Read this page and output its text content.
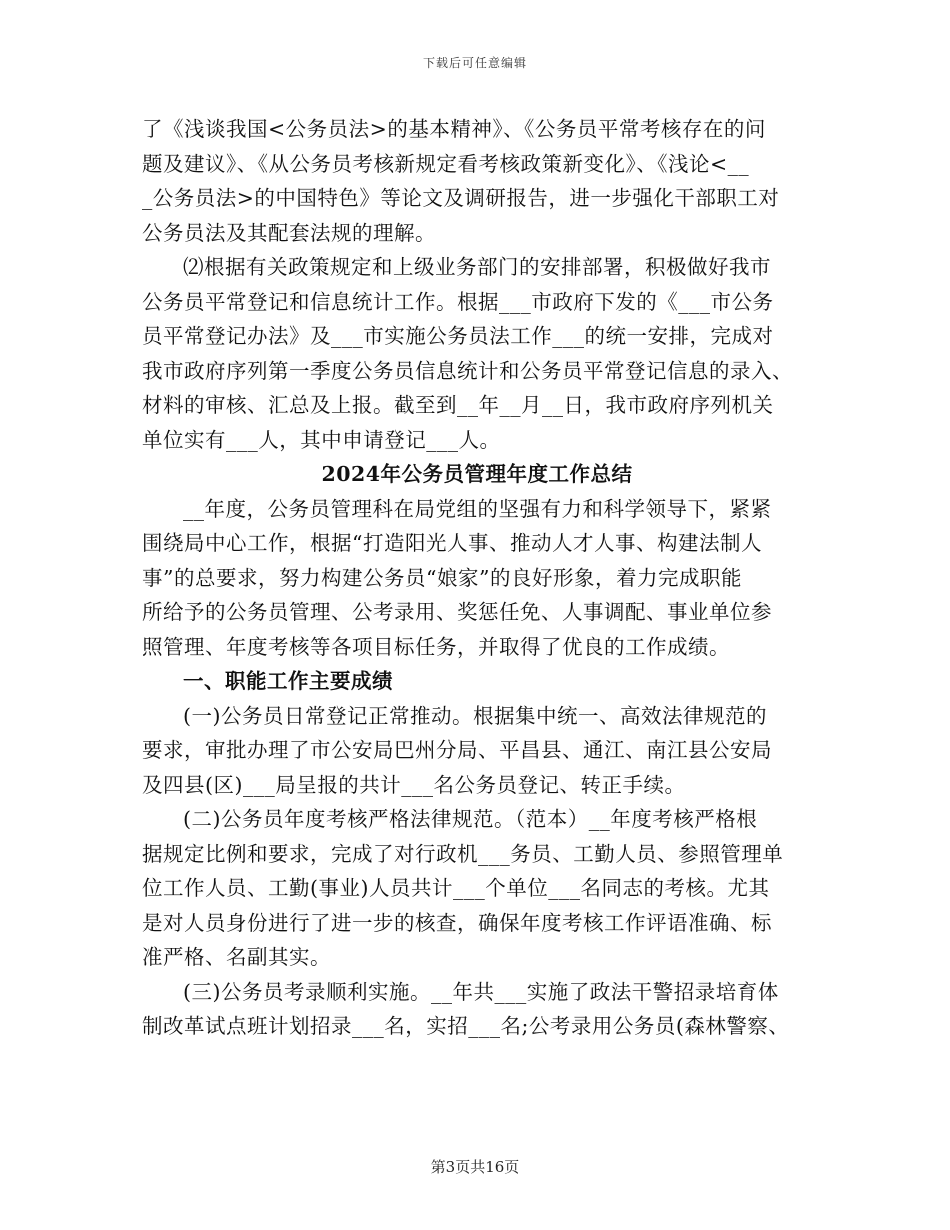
下载后可任意编辑
了《浅谈我国<公务员法>的基本精神》、《公务员平常考核存在的问
题及建议》、《从公务员考核新规定看考核政策新变化》、《浅论<__
_公务员法>的中国特色》等论文及调研报告，进一步强化干部职工对
公务员法及其配套法规的理解。
⑵根据有关政策规定和上级业务部门的安排部署，积极做好我市
公务员平常登记和信息统计工作。根据___市政府下发的《___市公务
员平常登记办法》及___市实施公务员法工作___的统一安排，完成对
我市政府序列第一季度公务员信息统计和公务员平常登记信息的录入、
材料的审核、汇总及上报。截至到__年__月__日，我市政府序列机关
单位实有___人，其中申请登记___人。
2024年公务员管理年度工作总结
__年度，公务员管理科在局党组的坚强有力和科学领导下，紧紧
围绕局中心工作，根据“打造阳光人事、推动人才人事、构建法制人
事”的总要求，努力构建公务员“娘家”的良好形象，着力完成职能
所给予的公务员管理、公考录用、奖惩任免、人事调配、事业单位参
照管理、年度考核等各项目标任务，并取得了优良的工作成绩。
一、职能工作主要成绩
(一)公务员日常登记正常推动。根据集中统一、高效法律规范的
要求，审批办理了市公安局巴州分局、平昌县、通江、南江县公安局
及四县(区)___局呈报的共计___名公务员登记、转正手续。
(二)公务员年度考核严格法律规范。（范本）__年度考核严格根
据规定比例和要求，完成了对行政机___务员、工勤人员、参照管理单
位工作人员、工勤(事业)人员共计___个单位___名同志的考核。尤其
是对人员身份进行了进一步的核查，确保年度考核工作评语准确、标
准严格、名副其实。
(三)公务员考录顺利实施。__年共___实施了政法干警招录培育体
制改革试点班计划招录___名，实招___名;公考录用公务员(森林警察、
第3页共16页
